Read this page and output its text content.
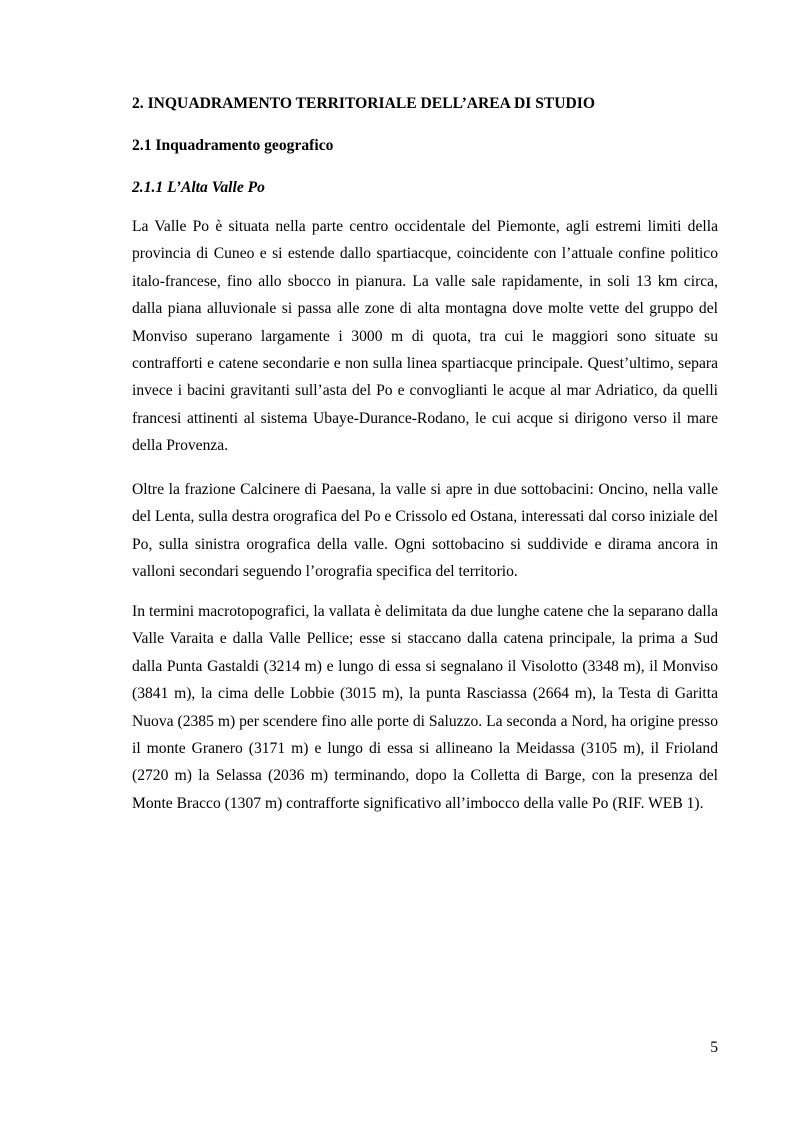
2. INQUADRAMENTO TERRITORIALE DELL’AREA DI STUDIO
2.1 Inquadramento geografico
2.1.1 L’Alta Valle Po

La Valle Po è situata nella parte centro occidentale del Piemonte, agli estremi limiti della provincia di Cuneo e si estende dallo spartiacque, coincidente con l’attuale confine politico italo-francese, fino allo sbocco in pianura. La valle sale rapidamente, in soli 13 km circa, dalla piana alluvionale si passa alle zone di alta montagna dove molte vette del gruppo del Monviso superano largamente i 3000 m di quota, tra cui le maggiori sono situate su contrafforti e catene secondarie e non sulla linea spartiacque principale. Quest’ultimo, separa invece i bacini gravitanti sull’asta del Po e convoglianti le acque al mar Adriatico, da quelli francesi attinenti al sistema Ubaye-Durance-Rodano, le cui acque si dirigono verso il mare della Provenza.

Oltre la frazione Calcinere di Paesana, la valle si apre in due sottobacini: Oncino, nella valle del Lenta, sulla destra orografica del Po e Crissolo ed Ostana, interessati dal corso iniziale del Po, sulla sinistra orografica della valle. Ogni sottobacino si suddivide e dirama ancora in valloni secondari seguendo l’orografia specifica del territorio.

In termini macrotopografici, la vallata è delimitata da due lunghe catene che la separano dalla Valle Varaita e dalla Valle Pellice; esse si staccano dalla catena principale, la prima a Sud dalla Punta Gastaldi (3214 m) e lungo di essa si segnalano il Visolotto (3348 m), il Monviso (3841 m), la cima delle Lobbie (3015 m), la punta Rasciassa (2664 m), la Testa di Garitta Nuova (2385 m) per scendere fino alle porte di Saluzzo. La seconda a Nord, ha origine presso il monte Granero (3171 m) e lungo di essa si allineano la Meidassa (3105 m), il Frioland (2720 m) la Selassa (2036 m) terminando, dopo la Colletta di Barge, con la presenza del Monte Bracco (1307 m) contrafforte significativo all’imbocco della valle Po (RIF. WEB 1).

5
